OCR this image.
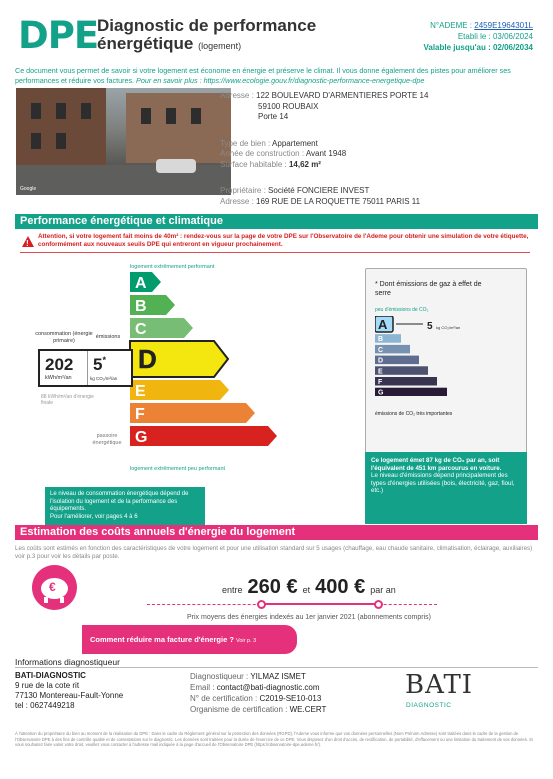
DPE
Diagnostic de performance
énergétique (logement)
N°ADEME : 2459E1964301L
Etabli le : 03/06/2024
Valable jusqu'au : 02/06/2034
Ce document vous permet de savoir si votre logement est économe en énergie et préserve le climat. Il vous donne également des pistes pour améliorer ses performances et réduire vos factures. Pour en savoir plus : https://www.ecologie.gouv.fr/diagnostic-performance-energetique-dpe
Google
Adresse : 122 BOULEVARD D'ARMENTIERES PORTE 14
59100 ROUBAIX
Porte 14
Type de bien : Appartement
Année de construction : Avant 1948
Surface habitable : 14,62 m²
Propriétaire : Société FONCIERE INVEST
Adresse : 169 RUE DE LA ROQUETTE 75011 PARIS 11
Performance énergétique et climatique
!
Attention, si votre logement fait moins de 40m² : rendez-vous sur la page de votre DPE sur l'Observatoire de l'Ademe pour obtenir une simulation de votre étiquette, conformément aux nouveaux seuils DPE qui entreront en vigueur prochainement.
logement extrêmement performant
logement extrêmement peu performant
A
B
C
D
E
F
G
consommation (énergie primaire)
émissions
202
kWh/m²/an
5*
kg CO₂/m²/an
88 kWh/m²/an d'énergie finale
passoire énergétique
Le niveau de consommation énergétique dépend de l'isolation du logement et de la performance des équipements.
Pour l'améliorer, voir pages 4 à 6
* Dont émissions de gaz à effet de serre
peu d'émissions de CO₂
A
B
C
D
E
F
G
5 kg CO₂/m²/an
émissions de CO₂ très importantes
Ce logement émet 87 kg de CO₂ par an, soit l'équivalent de 451 km parcourus en voiture.
Le niveau d'émissions dépend principalement des types d'énergies utilisées (bois, électricité, gaz, fioul, etc.)
Estimation des coûts annuels d'énergie du logement
Les coûts sont estimés en fonction des caractéristiques de votre logement et pour une utilisation standard sur 5 usages (chauffage, eau chaude sanitaire, climatisation, éclairage, auxiliaires) voir p.3 pour voir les détails par poste.
€	entre 260 € et 400 € par an
Prix moyens des énergies indexés au 1er janvier 2021 (abonnements compris)
Comment réduire ma facture d'énergie ? Voir p. 3
Informations diagnostiqueur
BATI-DIAGNOSTIC
9 rue de la cote rit
77130 Montereau-Fault-Yonne
tel : 0627449218
Diagnostiqueur : YILMAZ ISMET
Email : contact@bati-diagnostic.com
N° de certification : C2019-SE10-013
Organisme de certification : WE.CERT
BATI
DIAGNOSTIC
À l'attention du propriétaire du bien au moment de la réalisation du DPE : Dans le cadre du Règlement général sur la protection des données (RGPD), l'Ademe vous informe que vos données personnelles (Nom Prénom Adresse) sont traitées dans le cadre de la gestion de l'Observatoire DPE à des fins de contrôle qualité et de contestations sur le diagnostic. Les données sont traitées pour la durée de l'exercice de ce DPE. Vous disposez d'un droit d'accès, de rectification, de portabilité, d'effacement ou une limitation du traitement de vos données. Si vous souhaitez faire valoir votre droit, veuillez vous contacter à l'adresse mail indiquée à la page d'accueil de l'Observatoire DPE (https://observatoire-dpe.ademe.fr/).
